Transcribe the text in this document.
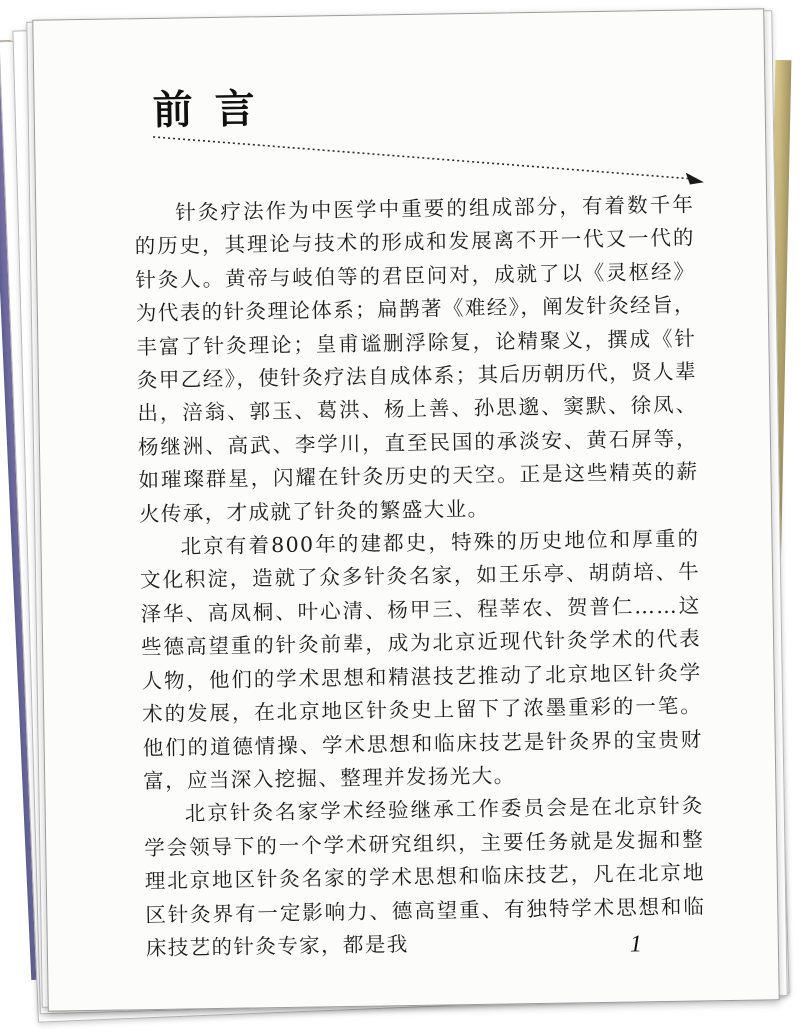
前言

针灸疗法作为中医学中重要的组成部分，有着数千年的历史，其理论与技术的形成和发展离不开一代又一代的针灸人。黄帝与岐伯等的君臣问对，成就了以《灵枢经》为代表的针灸理论体系；扁鹊著《难经》，阐发针灸经旨，丰富了针灸理论；皇甫谧删浮除复，论精聚义，撰成《针灸甲乙经》，使针灸疗法自成体系；其后历朝历代，贤人辈出，涪翁、郭玉、葛洪、杨上善、孙思邈、窦默、徐凤、杨继洲、高武、李学川，直至民国的承淡安、黄石屏等，如璀璨群星，闪耀在针灸历史的天空。正是这些精英的薪火传承，才成就了针灸的繁盛大业。

北京有着800年的建都史，特殊的历史地位和厚重的文化积淀，造就了众多针灸名家，如王乐亭、胡荫培、牛泽华、高凤桐、叶心清、杨甲三、程莘农、贺普仁……这些德高望重的针灸前辈，成为北京近现代针灸学术的代表人物，他们的学术思想和精湛技艺推动了北京地区针灸学术的发展，在北京地区针灸史上留下了浓墨重彩的一笔。他们的道德情操、学术思想和临床技艺是针灸界的宝贵财富，应当深入挖掘、整理并发扬光大。

北京针灸名家学术经验继承工作委员会是在北京针灸学会领导下的一个学术研究组织，主要任务就是发掘和整理北京地区针灸名家的学术思想和临床技艺，凡在北京地区针灸界有一定影响力、德高望重、有独特学术思想和临床技艺的针灸专家，都是我	1
